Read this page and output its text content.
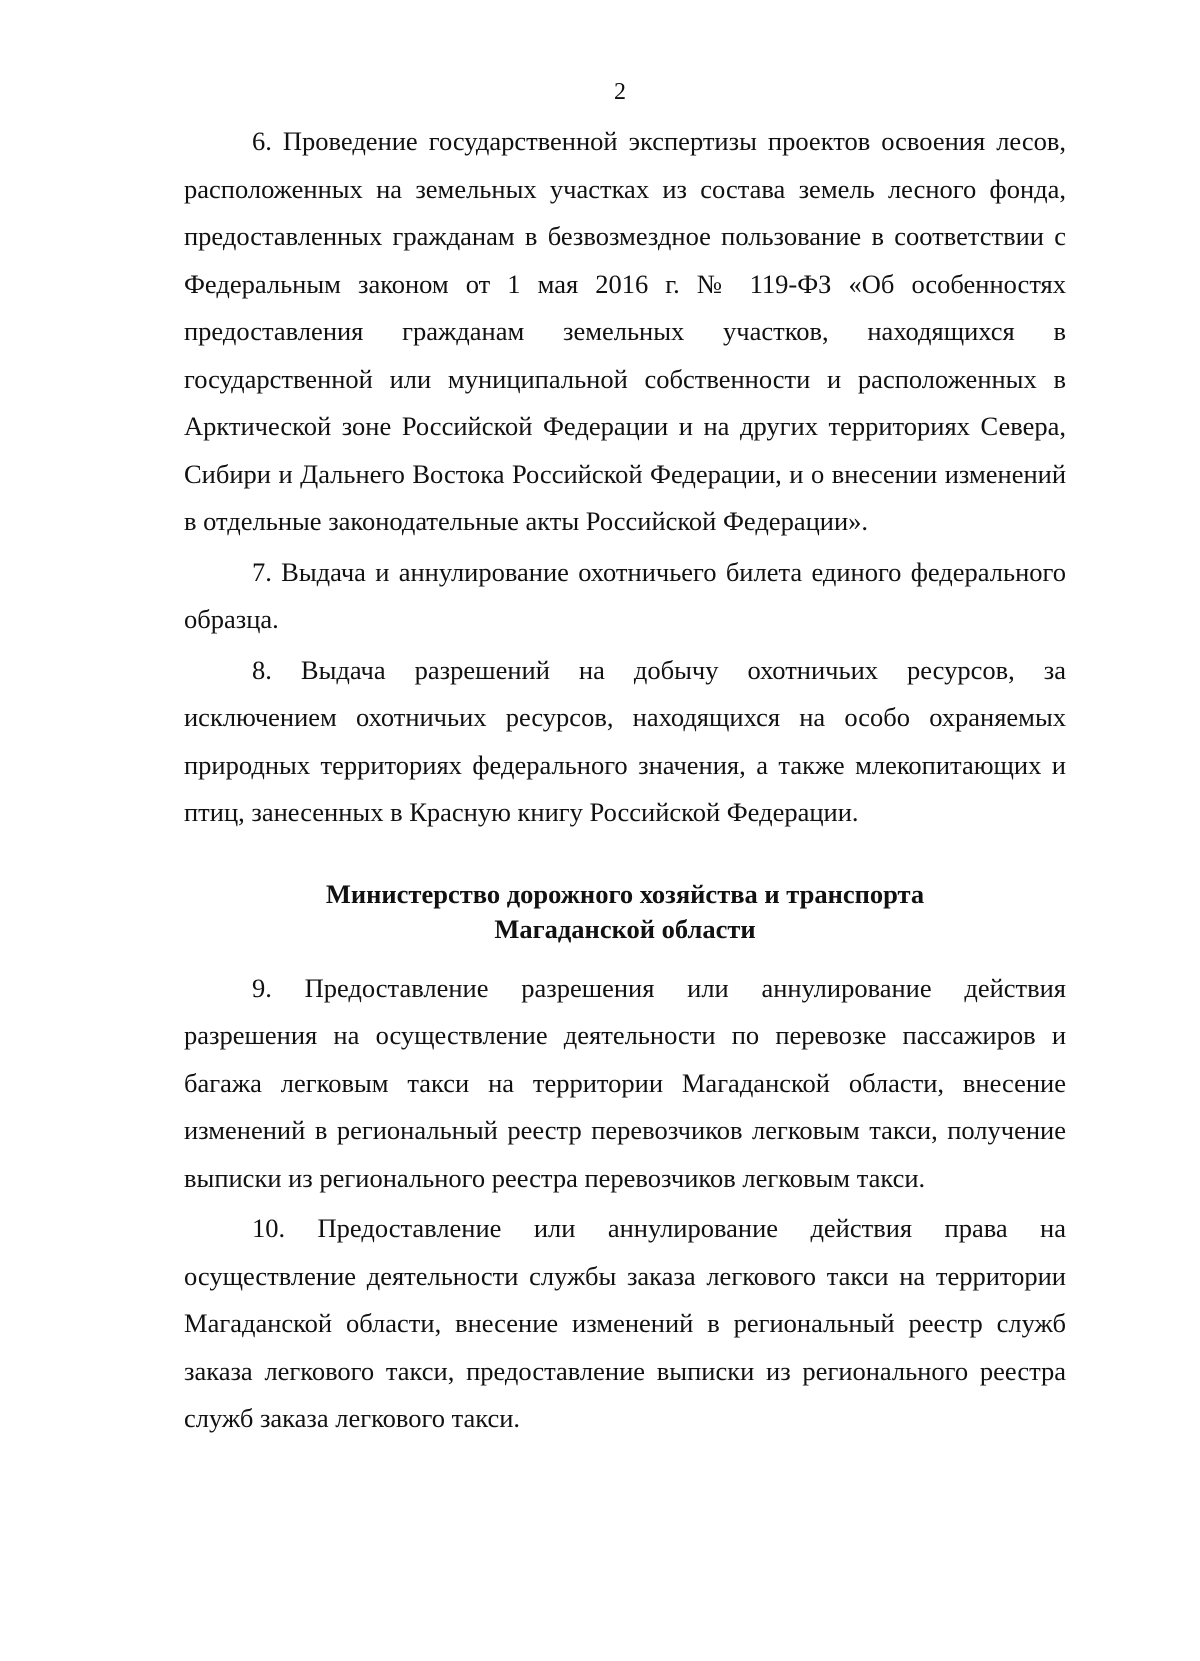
2

6. Проведение государственной экспертизы проектов освоения лесов, расположенных на земельных участках из состава земель лесного фонда, предоставленных гражданам в безвозмездное пользование в соответствии с Федеральным законом от 1 мая 2016 г. № 119-ФЗ «Об особенностях предоставления гражданам земельных участков, находящихся в государственной или муниципальной собственности и расположенных в Арктической зоне Российской Федерации и на других территориях Севера, Сибири и Дальнего Востока Российской Федерации, и о внесении изменений в отдельные законодательные акты Российской Федерации».

7. Выдача и аннулирование охотничьего билета единого федерального образца.

8. Выдача разрешений на добычу охотничьих ресурсов, за исключением охотничьих ресурсов, находящихся на особо охраняемых природных территориях федерального значения, а также млекопитающих и птиц, занесенных в Красную книгу Российской Федерации.

Министерство дорожного хозяйства и транспорта
Магаданской области

9. Предоставление разрешения или аннулирование действия разрешения на осуществление деятельности по перевозке пассажиров и багажа легковым такси на территории Магаданской области, внесение изменений в региональный реестр перевозчиков легковым такси, получение выписки из регионального реестра перевозчиков легковым такси.

10. Предоставление или аннулирование действия права на осуществление деятельности службы заказа легкового такси на территории Магаданской области, внесение изменений в региональный реестр служб заказа легкового такси, предоставление выписки из регионального реестра служб заказа легкового такси.
